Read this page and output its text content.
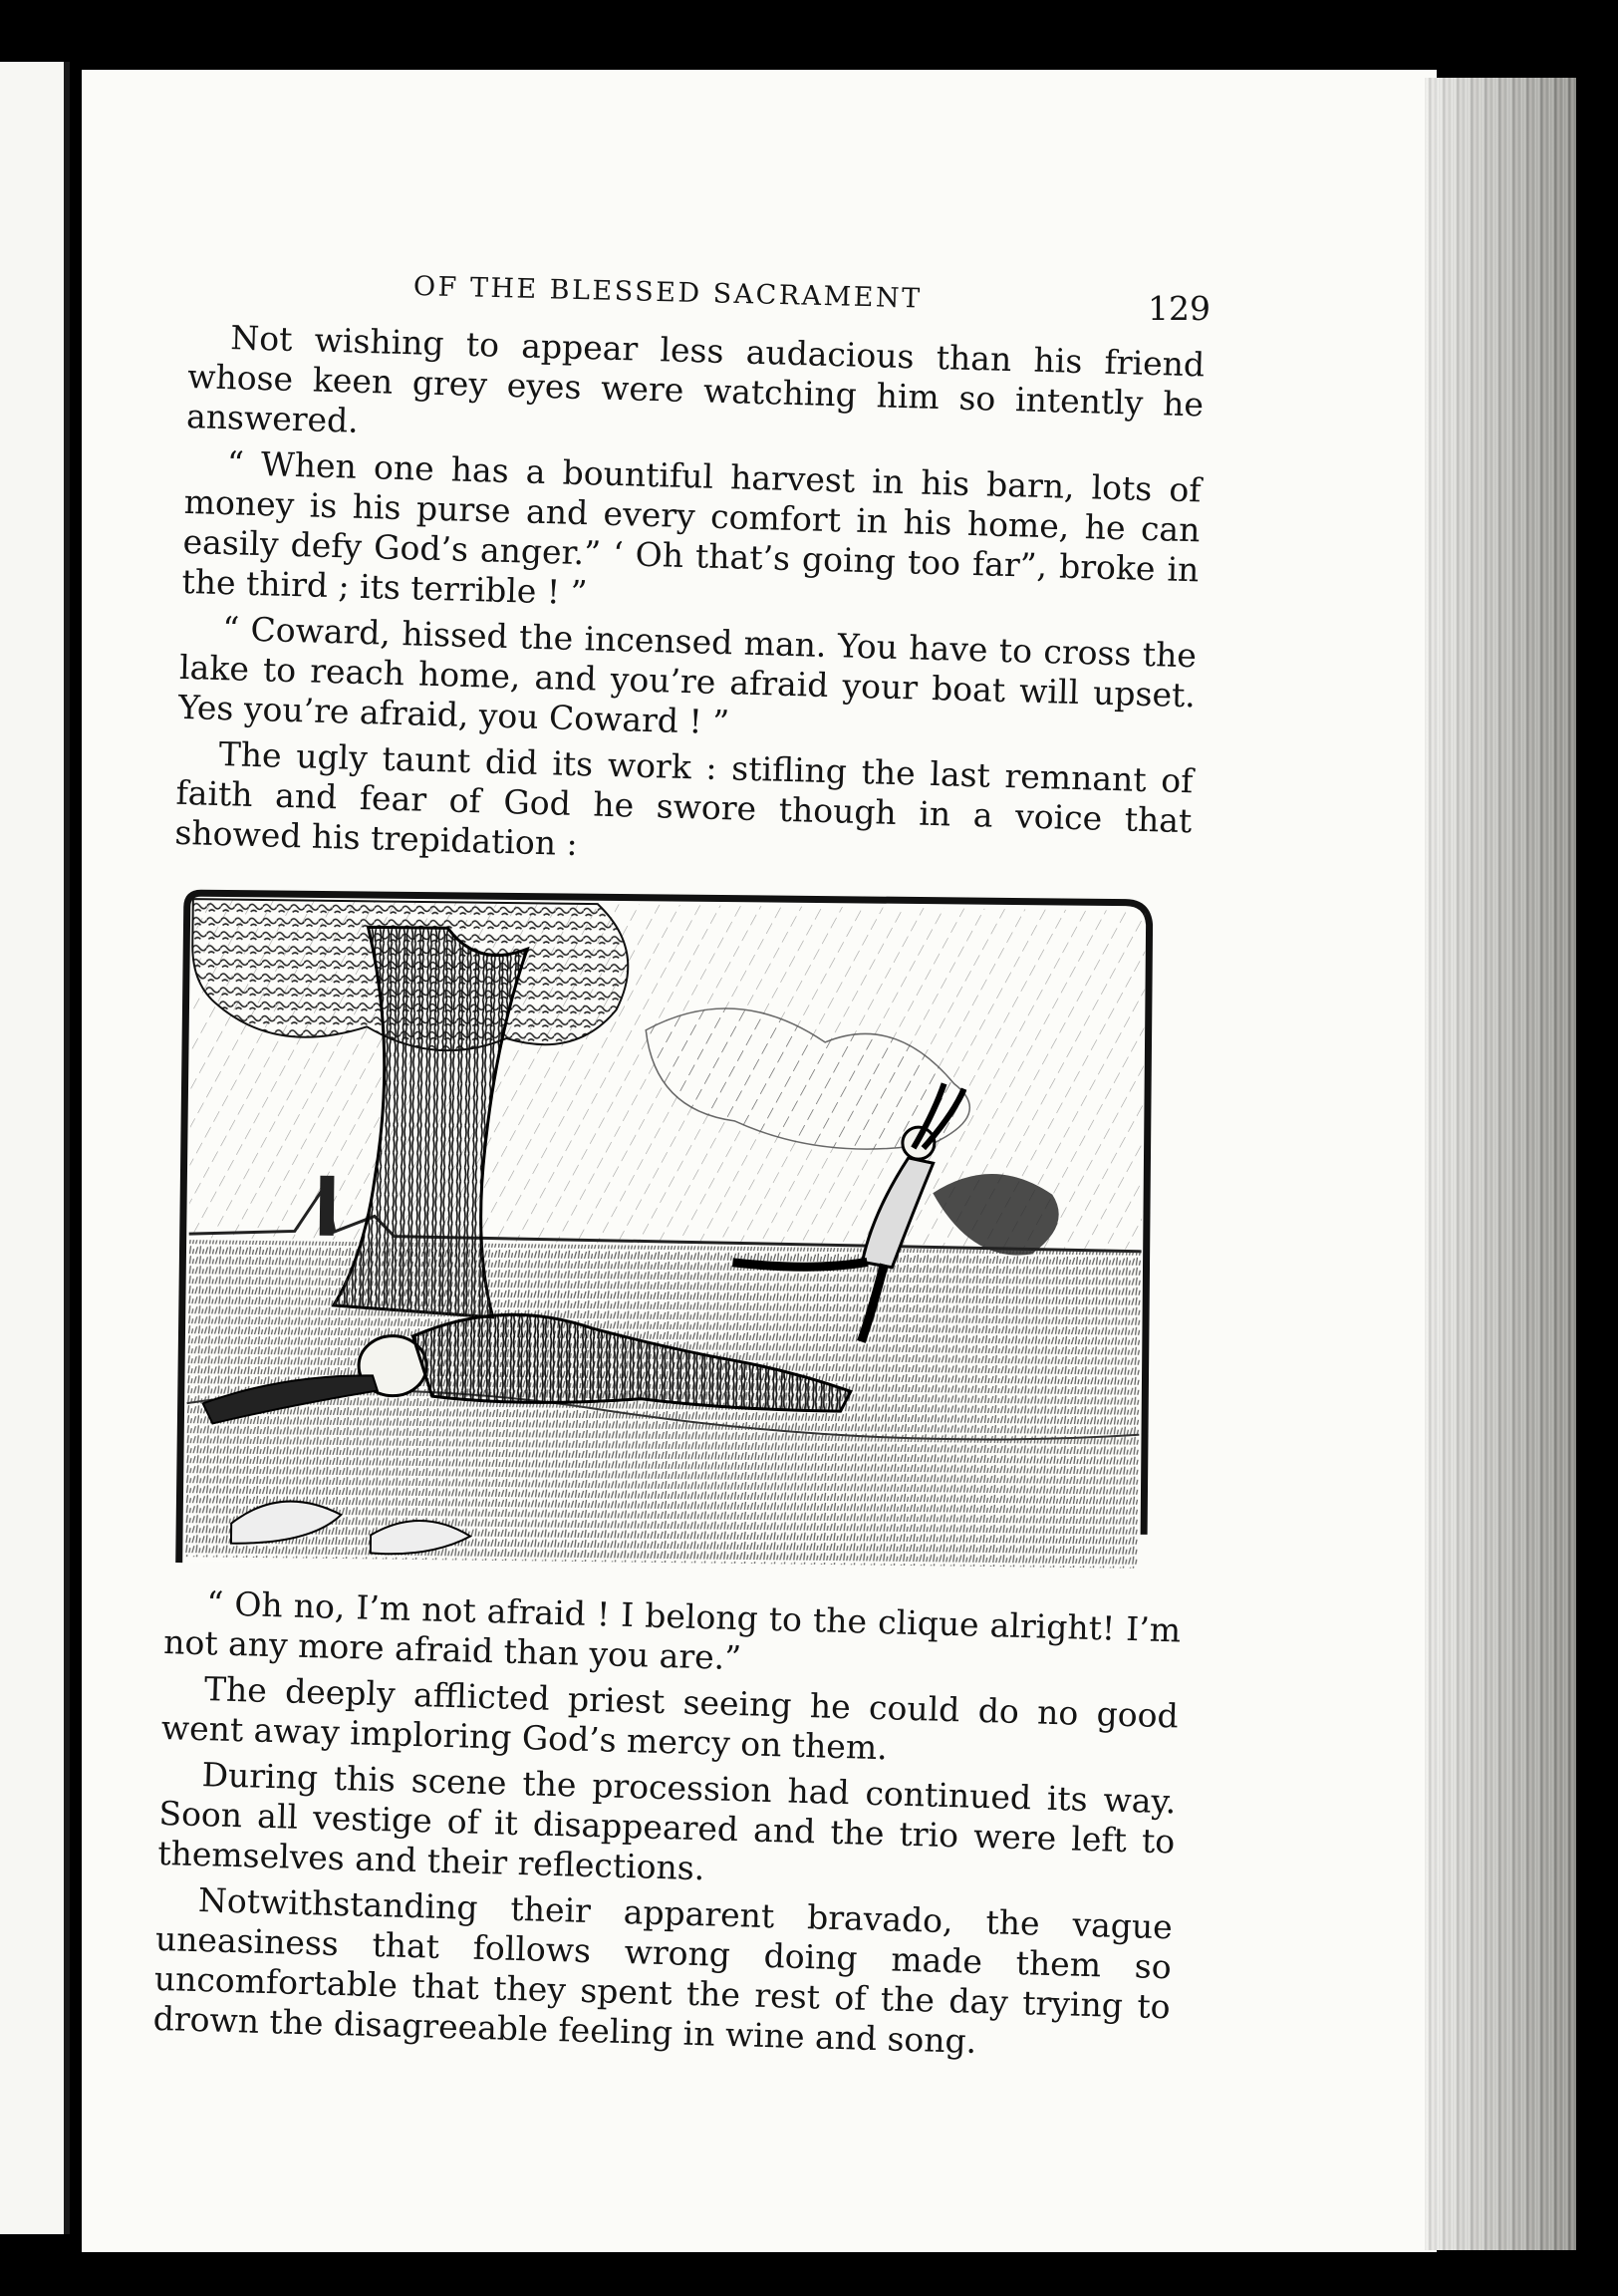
OF THE BLESSED SACRAMENT	129

Not wishing to appear less audacious than his friend whose keen grey eyes were watching him so intently he answered.

“ When one has a bountiful harvest in his barn, lots of money is his purse and every comfort in his home, he can easily defy God’s anger.” ‘ Oh that’s going too far”, broke in the third ; its terrible ! ”

“ Coward, hissed the incensed man. You have to cross the lake to reach home, and you’re afraid your boat will upset. Yes you’re afraid, you Coward ! ”

The ugly taunt did its work : stifling the last remnant of faith and fear of God he swore though in a voice that showed his trepidation :

“ Oh no, I’m not afraid ! I belong to the clique alright! I’m not any more afraid than you are.”

The deeply afflicted priest seeing he could do no good went away imploring God’s mercy on them.

During this scene the procession had continued its way. Soon all vestige of it disappeared and the trio were left to themselves and their reflections.

Notwithstanding their apparent bravado, the vague uneasiness that follows wrong doing made them so uncomfortable that they spent the rest of the day trying to drown the disagreeable feeling in wine and song.
